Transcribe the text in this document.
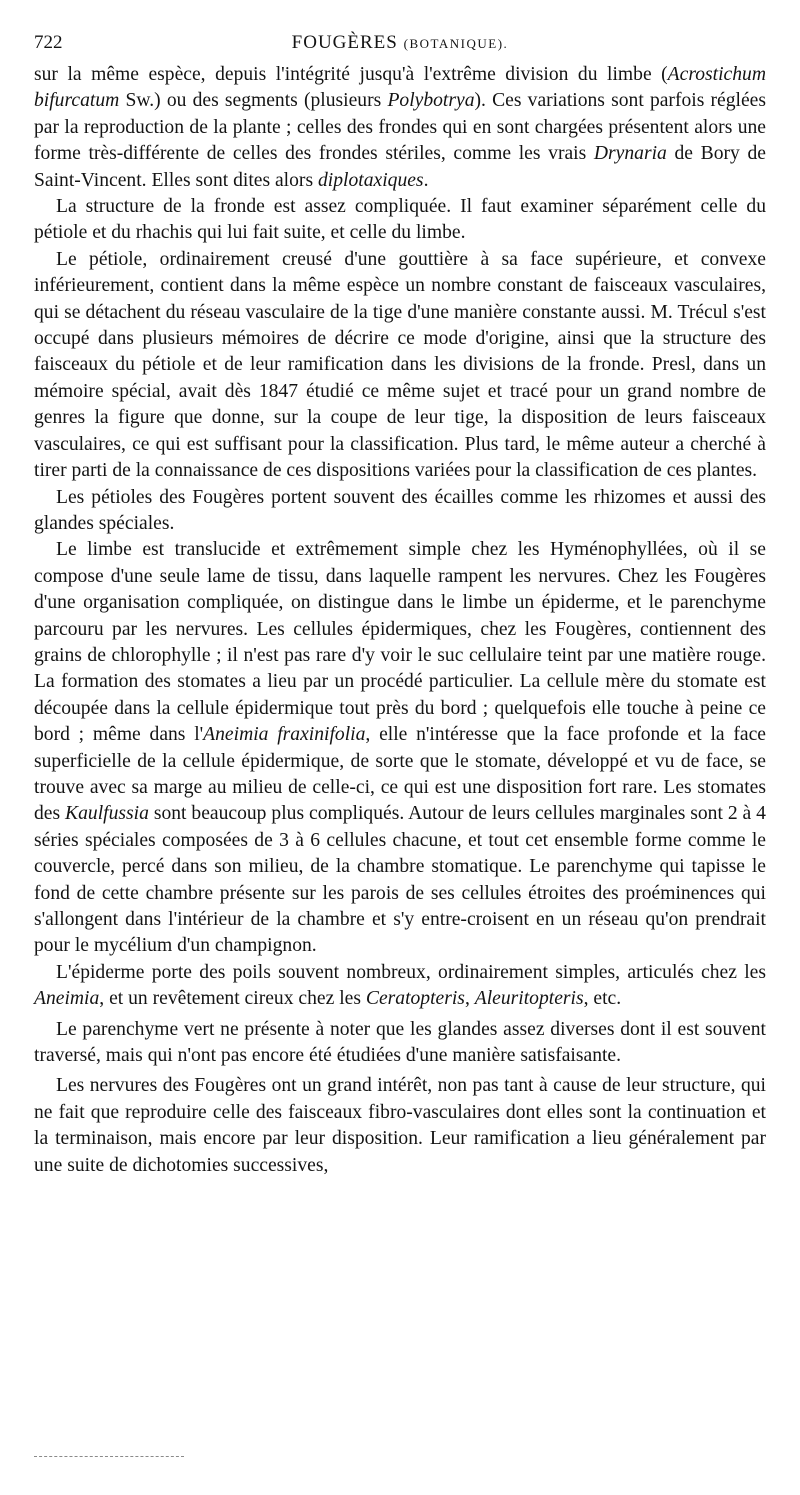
722	FOUGÈRES (BOTANIQUE).

sur la même espèce, depuis l'intégrité jusqu'à l'extrême division du limbe (Acrostichum bifurcatum Sw.) ou des segments (plusieurs Polybotrya). Ces variations sont parfois réglées par la reproduction de la plante ; celles des frondes qui en sont chargées présentent alors une forme très-différente de celles des frondes stériles, comme les vrais Drynaria de Bory de Saint-Vincent. Elles sont dites alors diplotaxiques.

La structure de la fronde est assez compliquée. Il faut examiner séparément celle du pétiole et du rhachis qui lui fait suite, et celle du limbe.

Le pétiole, ordinairement creusé d'une gouttière à sa face supérieure, et convexe inférieurement, contient dans la même espèce un nombre constant de faisceaux vasculaires, qui se détachent du réseau vasculaire de la tige d'une manière constante aussi. M. Trécul s'est occupé dans plusieurs mémoires de décrire ce mode d'origine, ainsi que la structure des faisceaux du pétiole et de leur ramification dans les divisions de la fronde. Presl, dans un mémoire spécial, avait dès 1847 étudié ce même sujet et tracé pour un grand nombre de genres la figure que donne, sur la coupe de leur tige, la disposition de leurs faisceaux vasculaires, ce qui est suffisant pour la classification. Plus tard, le même auteur a cherché à tirer parti de la connaissance de ces dispositions variées pour la classification de ces plantes.

Les pétioles des Fougères portent souvent des écailles comme les rhizomes et aussi des glandes spéciales.

Le limbe est translucide et extrêmement simple chez les Hyménophyllées, où il se compose d'une seule lame de tissu, dans laquelle rampent les nervures. Chez les Fougères d'une organisation compliquée, on distingue dans le limbe un épiderme, et le parenchyme parcouru par les nervures. Les cellules épidermiques, chez les Fougères, contiennent des grains de chlorophylle ; il n'est pas rare d'y voir le suc cellulaire teint par une matière rouge. La formation des stomates a lieu par un procédé particulier. La cellule mère du stomate est découpée dans la cellule épidermique tout près du bord ; quelquefois elle touche à peine ce bord ; même dans l'Aneimia fraxinifolia, elle n'intéresse que la face profonde et la face superficielle de la cellule épidermique, de sorte que le stomate, développé et vu de face, se trouve avec sa marge au milieu de celle-ci, ce qui est une disposition fort rare. Les stomates des Kaulfussia sont beaucoup plus compliqués. Autour de leurs cellules marginales sont 2 à 4 séries spéciales composées de 3 à 6 cellules chacune, et tout cet ensemble forme comme le couvercle, percé dans son milieu, de la chambre stomatique. Le parenchyme qui tapisse le fond de cette chambre présente sur les parois de ses cellules étroites des proéminences qui s'allongent dans l'intérieur de la chambre et s'y entre-croisent en un réseau qu'on prendrait pour le mycélium d'un champignon.

L'épiderme porte des poils souvent nombreux, ordinairement simples, articulés chez les Aneimia, et un revêtement cireux chez les Ceratopteris, Aleuritopteris, etc.

Le parenchyme vert ne présente à noter que les glandes assez diverses dont il est souvent traversé, mais qui n'ont pas encore été étudiées d'une manière satisfaisante.

Les nervures des Fougères ont un grand intérêt, non pas tant à cause de leur structure, qui ne fait que reproduire celle des faisceaux fibro-vasculaires dont elles sont la continuation et la terminaison, mais encore par leur disposition. Leur ramification a lieu généralement par une suite de dichotomies successives,
